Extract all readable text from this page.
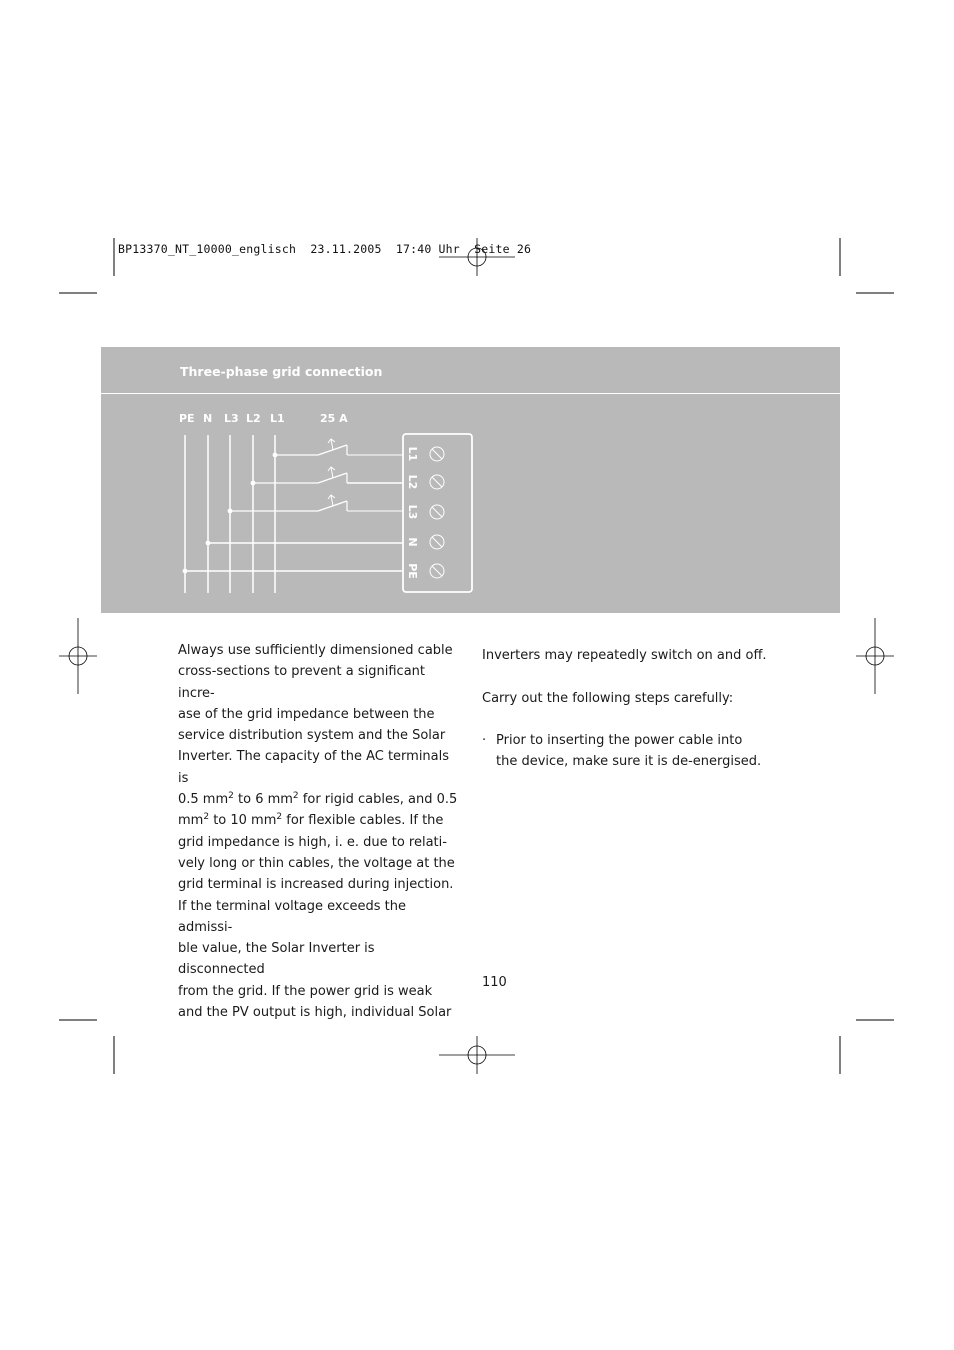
BP13370_NT_10000_englisch  23.11.2005  17:40 Uhr  Seite 26
Three-phase grid connection
PE N L3 L2 L1	25 A
L1
L2
L3
N
PE

Always use sufficiently dimensioned cable
cross-sections to prevent a significant incre-
ase of the grid impedance between the
service distribution system and the Solar
Inverter. The capacity of the AC terminals is
0.5 $mm^2$ to 6 $mm^2$ for rigid cables, and 0.5
$mm^2$ to 10 $mm^2$ for flexible cables. If the
grid impedance is high, i. e. due to relati-
vely long or thin cables, the voltage at the
grid terminal is increased during injection.
If the terminal voltage exceeds the admissi-
ble value, the Solar Inverter is disconnected
from the grid. If the power grid is weak
and the PV output is high, individual Solar

Inverters may repeatedly switch on and off.

Carry out the following steps carefully:

· Prior to inserting the power cable into
the device, make sure it is de-energised.

110
